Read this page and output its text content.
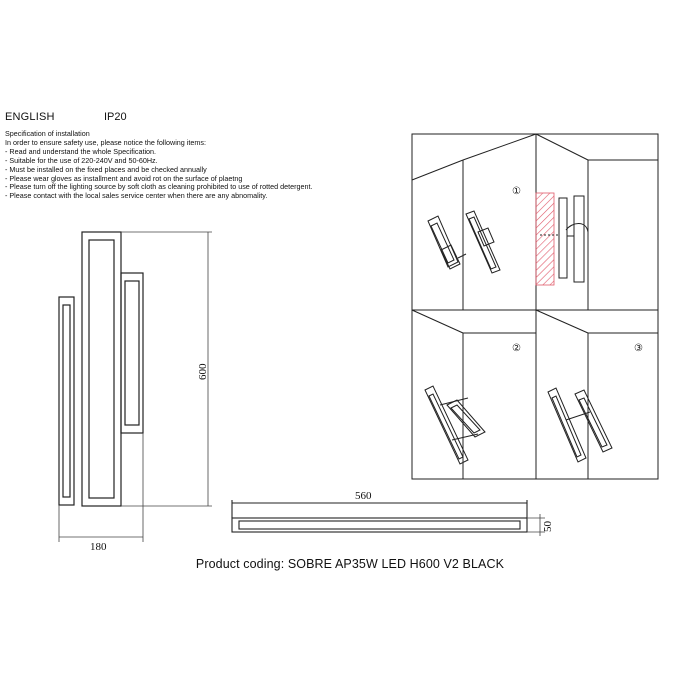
ENGLISH	IP20
Specification of installation
In order to ensure safety use, please notice the following items:
- Read and understand the whole Specification.
- Suitable for the use of 220-240V and 50-60Hz.
- Must be installed on the fixed places and be checked annually
- Please wear gloves as installment and avoid rot on the surface of plaetng
- Please turn off the lighting source by soft cloth as cleaning prohibited to use of rotted detergent.
- Please contact with the local sales service center when there are any abnomality.
600
180
560
50
①
②	③
Product coding: SOBRE AP35W LED H600 V2 BLACK
